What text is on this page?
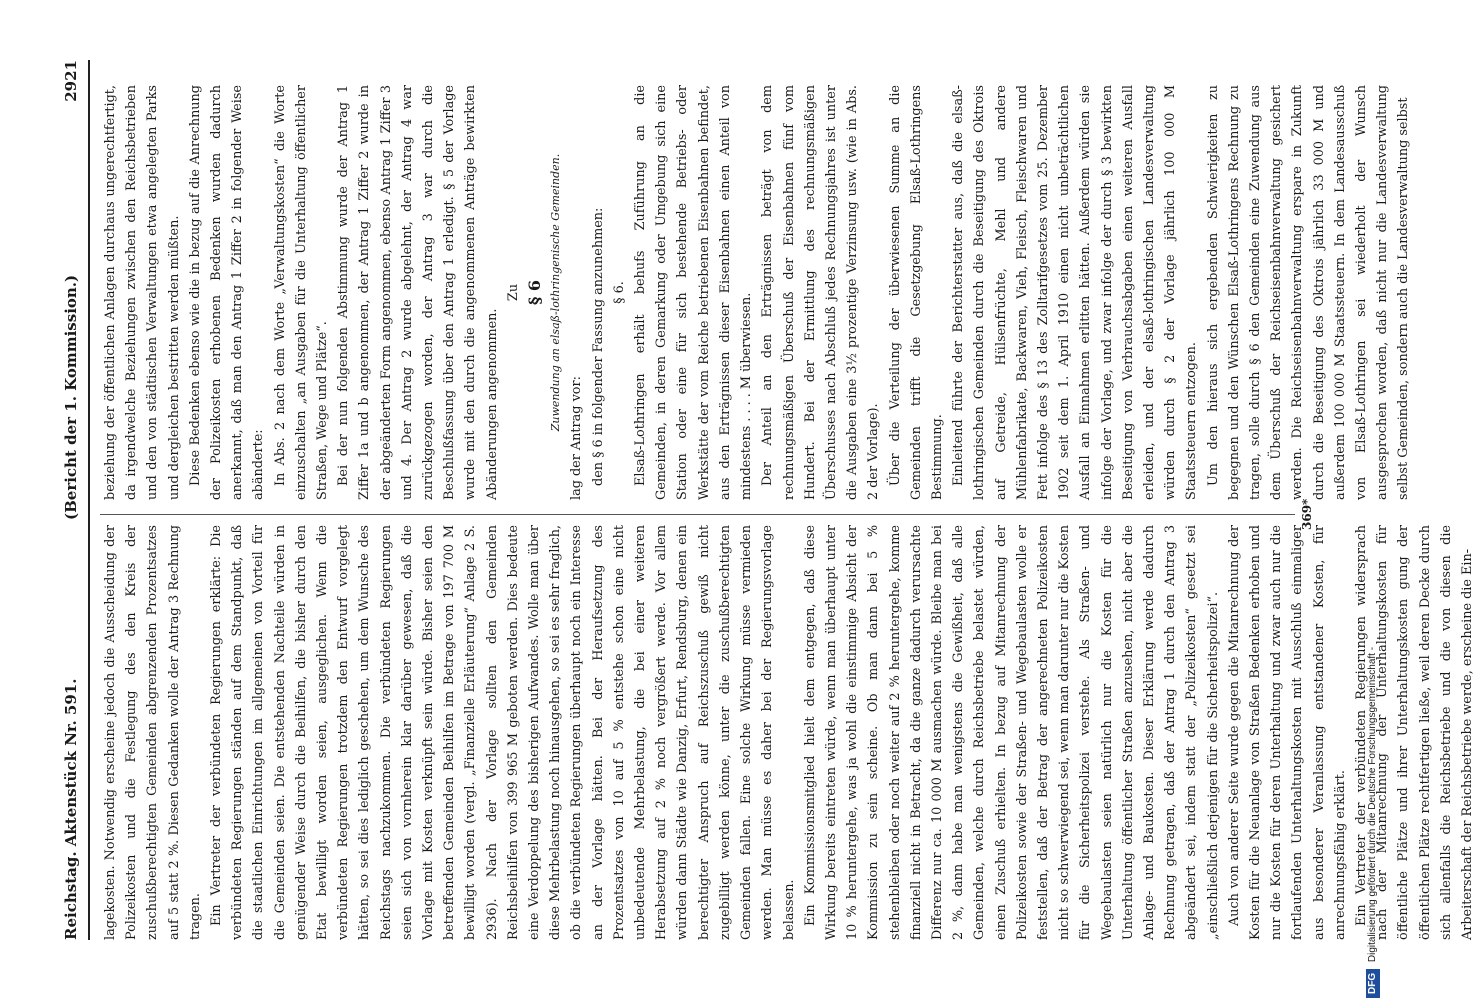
Reichstag. Aktenstück Nr. 591.
(Bericht der 1. Kommission.)
2921

lagekosten. Notwendig erscheine jedoch die Ausscheidung der Polizeikosten und die Festlegung des den Kreis der zuschußberechtigten Gemeinden abgrenzenden Prozentsatzes auf 5 statt 2 %. Diesen Gedanken wolle der Antrag 3 Rechnung tragen. Ein Vertreter der verbündeten Regierungen erklärte: Die verbündeten Regierungen ständen auf dem Standpunkt, daß die staatlichen Einrichtungen im allgemeinen von Vorteil für die Gemeinden seien. Die entstehenden Nachteile würden in genügender Weise durch die Beihilfen, die bisher durch den Etat bewilligt worden seien, ausgeglichen. Wenn die verbündeten Regierungen trotzdem den Entwurf vorgelegt hätten, so sei dies lediglich geschehen, um dem Wunsche des Reichstags nachzukommen. Die verbündeten Regierungen seien sich von vornherein klar darüber gewesen, daß die Vorlage mit Kosten verknüpft sein würde. Bisher seien den betreffenden Gemeinden Beihilfen im Betrage von 197 700 M bewilligt worden (vergl. „Finanzielle Erläuterung“ Anlage 2 S. 2936). Nach der Vorlage sollten den Gemeinden Reichsbeihilfen von 399 965 M geboten werden. Dies bedeute eine Verdoppelung des bisherigen Aufwandes. Wolle man über diese Mehrbelastung noch hinausgehen, so sei es sehr fraglich, ob die verbündeten Regierungen überhaupt noch ein Interesse an der Vorlage hätten. Bei der Heraufsetzung des Prozentsatzes von 10 auf 5 % entstehe schon eine nicht unbedeutende Mehrbelastung, die bei einer weiteren Herabsetzung auf 2 % noch vergrößert werde. Vor allem würden dann Städte wie Danzig, Erfurt, Rendsburg, denen ein berechtigter Anspruch auf Reichszuschuß gewiß nicht zugebilligt werden könne, unter die zuschußberechtigten Gemeinden fallen. Eine solche Wirkung müsse vermieden werden. Man müsse es daher bei der Regierungsvorlage belassen. Ein Kommissionsmitglied hielt dem entgegen, daß diese Wirkung bereits eintreten würde, wenn man überhaupt unter 10 % heruntergehe, was ja wohl die einstimmige Absicht der Kommission zu sein scheine. Ob man dann bei 5 % stehenbleiben oder noch weiter auf 2 % heruntergehe, komme finanziell nicht in Betracht, da die ganze dadurch verursachte Differenz nur ca. 10 000 M ausmachen würde. Bleibe man bei 2 %, dann habe man wenigstens die Gewißheit, daß alle Gemeinden, welche durch Reichsbetriebe belastet würden, einen Zuschuß erhielten. In bezug auf Mitanrechnung der Polizeikosten sowie der Straßen- und Wegebaulasten wolle er feststellen, daß der Betrag der angerechneten Polizeikosten nicht so schwerwiegend sei, wenn man darunter nur die Kosten für die Sicherheitspolizei verstehe. Als Straßen- und Wegebaulasten seien natürlich nur die Kosten für die Unterhaltung öffentlicher Straßen anzusehen, nicht aber die Anlage- und Baukosten. Dieser Erklärung werde dadurch Rechnung getragen, daß der Antrag 1 durch den Antrag 3 abgeändert sei, indem statt der „Polizeikosten“ gesetzt sei „einschließlich derjenigen für die Sicherheitspolizei“. Auch von anderer Seite wurde gegen die Mitanrechnung der Kosten für die Neuanlage von Straßen Bedenken erhoben und nur die Kosten für deren Unterhaltung und zwar auch nur die fortlaufenden Unterhaltungskosten mit Ausschluß einmaliger aus besonderer Veranlassung entstandener Kosten, für anrechnungsfähig erklärt. Ein Vertreter der verbündeten Regierungen widersprach nach der Mitanrechnung der Unterhaltungskosten für öffentliche Plätze und ihrer Unterhaltungskosten gung der öffentlichen Plätze rechtfertigen ließe, weil deren Decke durch sich allenfalls die Reichsbetriebe und die von diesen die Arbeiterschaft der Reichsbetriebe werde, erscheine die Ein-

beziehung der öffentlichen Anlagen durchaus ungerechtfertigt, da irgendwelche Beziehungen zwischen den Reichsbetrieben und den von städtischen Verwaltungen etwa angelegten Parks und dergleichen bestritten werden müßten. Diese Bedenken ebenso wie die in bezug auf die Anrechnung der Polizeikosten erhobenen Bedenken wurden dadurch anerkannt, daß man den Antrag 1 Ziffer 2 in folgender Weise abänderte: In Abs. 2 nach dem Worte „Verwaltungskosten“ die Worte einzuschalten „an Ausgaben für die Unterhaltung öffentlicher Straßen, Wege und Plätze“. Bei der nun folgenden Abstimmung wurde der Antrag 1 Ziffer 1a und b angenommen, der Antrag 1 Ziffer 2 wurde in der abgeänderten Form angenommen, ebenso Antrag 1 Ziffer 3 und 4. Der Antrag 2 wurde abgelehnt, der Antrag 4 war zurückgezogen worden, der Antrag 3 war durch die Beschlußfassung über den Antrag 1 erledigt. § 5 der Vorlage wurde mit den durch die angenommenen Anträge bewirkten Abänderungen angenommen.

Zu § 6 Zuwendung an elsaß-lothringenische Gemeinden.

lag der Antrag vor: den § 6 in folgender Fassung anzunehmen: § 6. Elsaß-Lothringen erhält behufs Zuführung an die Gemeinden, in deren Gemarkung oder Umgebung sich eine Station oder eine für sich bestehende Betriebs- oder Werkstätte der vom Reiche betriebenen Eisenbahnen befindet, aus den Erträgnissen dieser Eisenbahnen einen Anteil von mindestens . . . . M überwiesen. Der Anteil an den Erträgnissen beträgt von dem rechnungsmäßigen Überschuß der Eisenbahnen fünf vom Hundert. Bei der Ermittlung des rechnungsmäßigen Überschusses nach Abschluß jedes Rechnungsjahres ist unter die Ausgaben eine 3½ prozentige Verzinsung usw. (wie in Abs. 2 der Vorlage). Über die Verteilung der überwiesenen Summe an die Gemeinden trifft die Gesetzgebung Elsaß-Lothringens Bestimmung. Einleitend führte der Berichterstatter aus, daß die elsaß-lothringischen Gemeinden durch die Beseitigung des Oktrois auf Getreide, Hülsenfrüchte, Mehl und andere Mühlenfabrikate, Backwaren, Vieh, Fleisch, Fleischwaren und Fett infolge des § 13 des Zolltarifgesetzes vom 25. Dezember 1902 seit dem 1. April 1910 einen nicht unbeträchtlichen Ausfall an Einnahmen erlitten hätten. Außerdem würden sie infolge der Vorlage, und zwar infolge der durch § 3 bewirkten Beseitigung von Verbrauchsabgaben einen weiteren Ausfall erleiden, und der elsaß-lothringischen Landesverwaltung würden durch § 2 der Vorlage jährlich 100 000 M Staatssteuern entzogen. Um den hieraus sich ergebenden Schwierigkeiten zu begegnen und den Wünschen Elsaß-Lothringens Rechnung zu tragen, solle durch § 6 den Gemeinden eine Zuwendung aus dem Überschuß der Reichseisenbahnverwaltung gesichert werden. Die Reichseisenbahnverwaltung erspare in Zukunft durch die Beseitigung des Oktrois jährlich 33 000 M und außerdem 100 000 M Staatssteuern. In dem Landesausschuß von Elsaß-Lothringen sei wiederholt der Wunsch ausgesprochen worden, daß nicht nur die Landesverwaltung selbst Gemeinden, sondern auch die Landesverwaltung selbst

369*
DFG Digitalisierung gefördert durch die Deutsche Forschungsgemeinschaft -
